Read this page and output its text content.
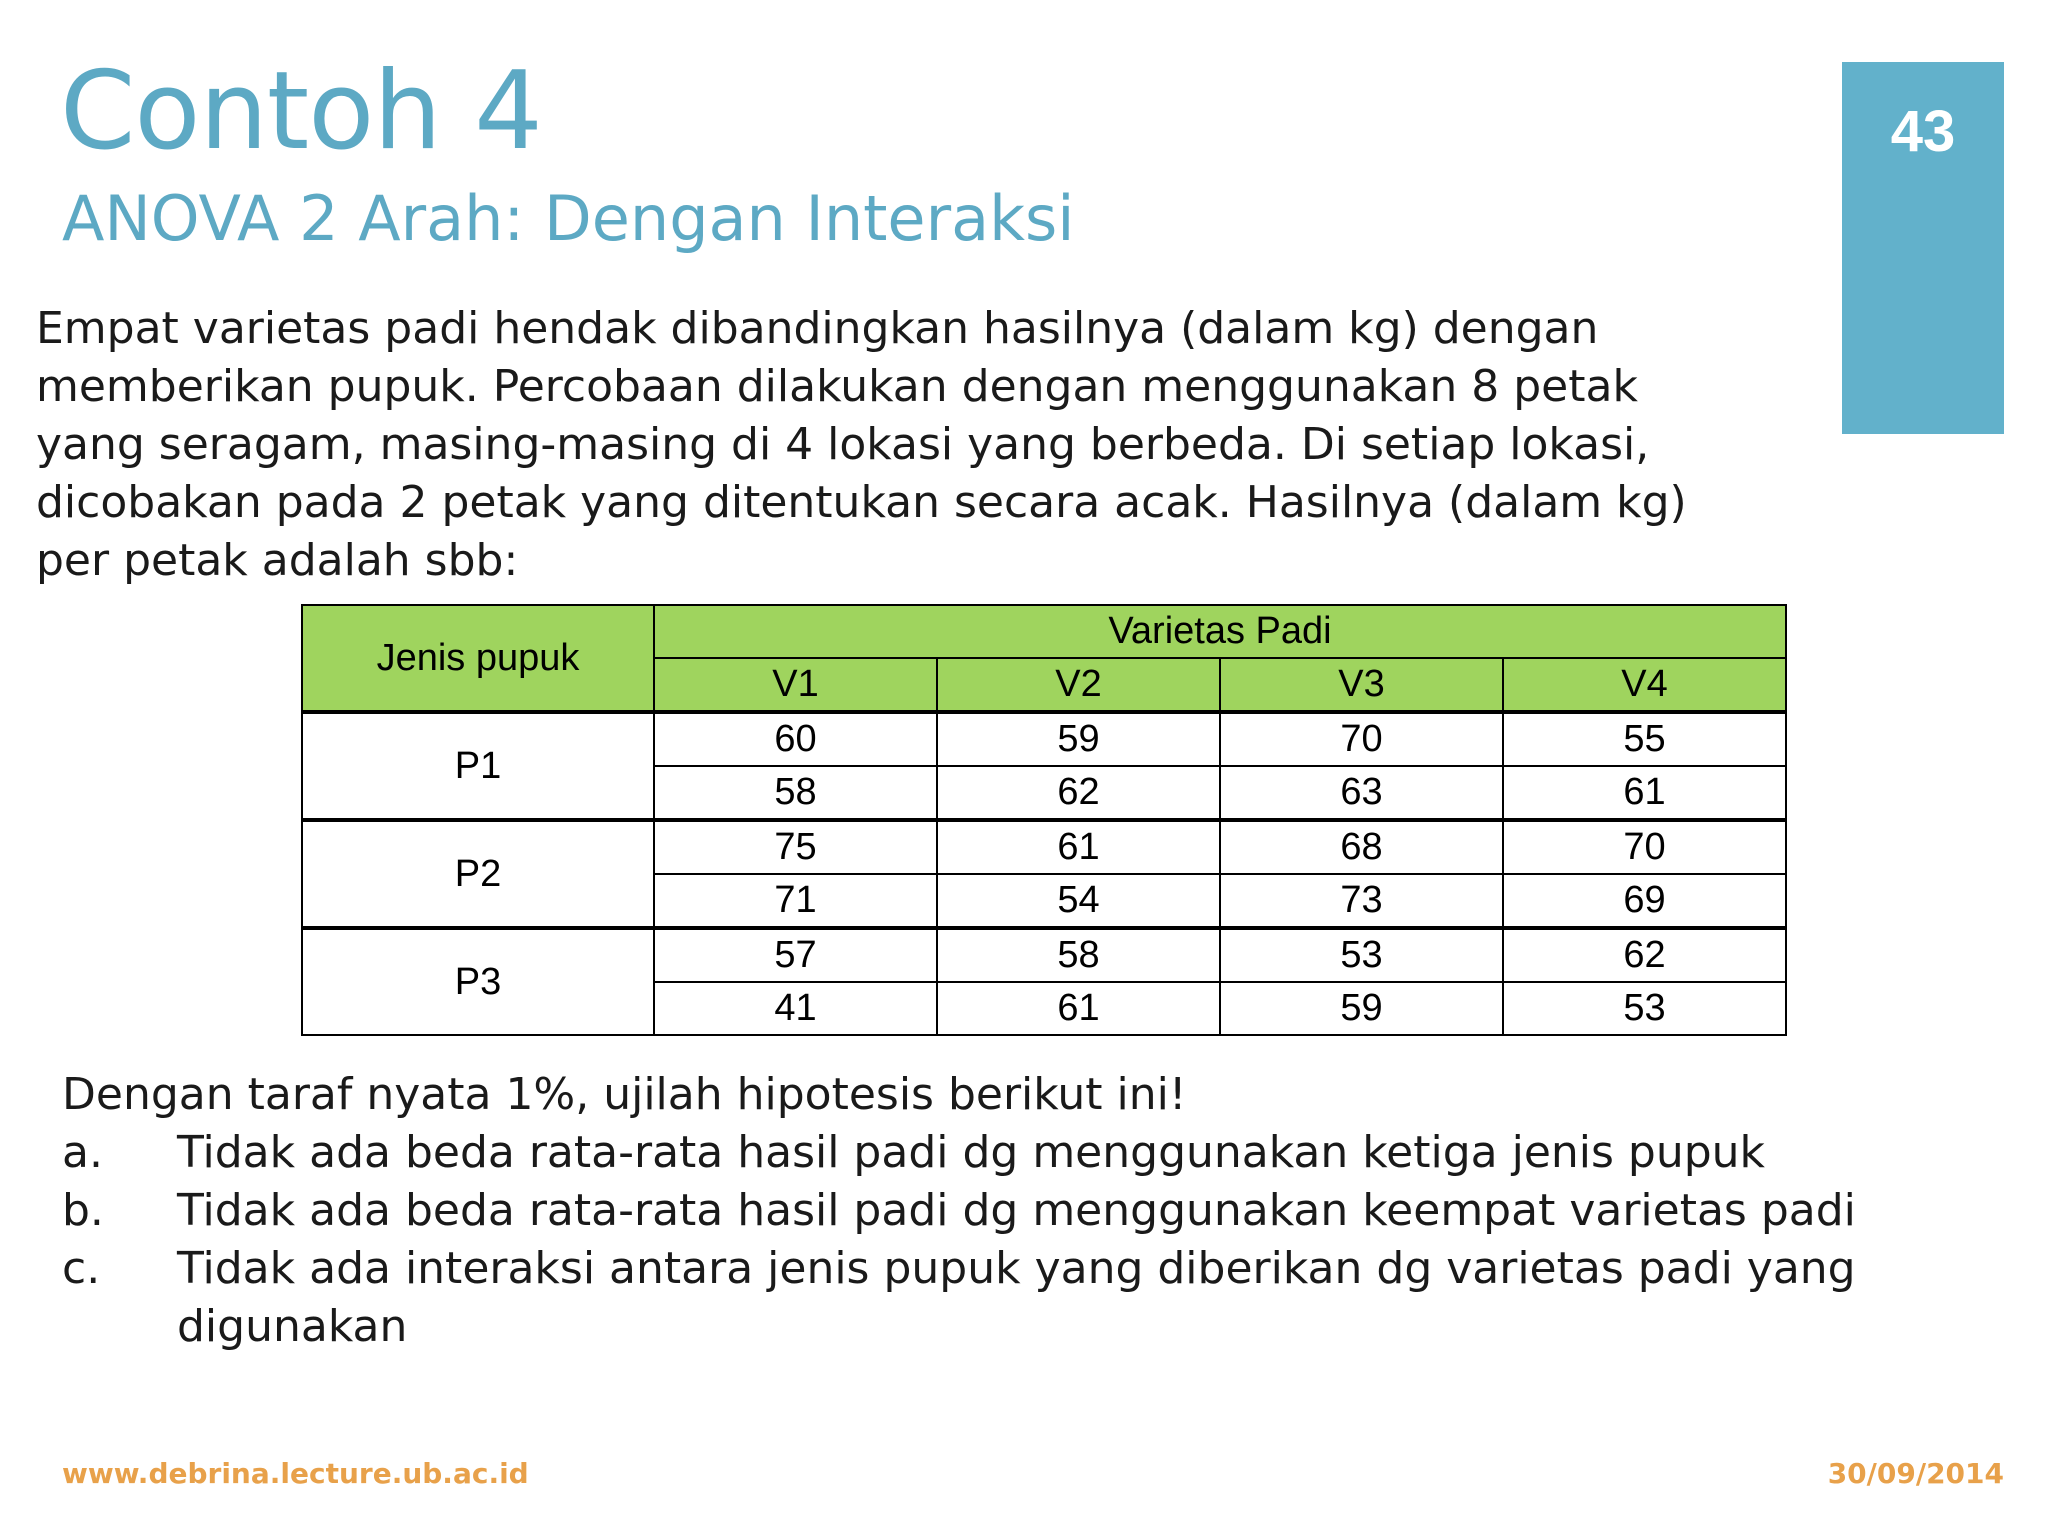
Contoh 4
ANOVA 2 Arah: Dengan Interaksi
43
Empat varietas padi hendak dibandingkan hasilnya (dalam kg) dengan
memberikan pupuk. Percobaan dilakukan dengan menggunakan 8 petak
yang seragam, masing-masing di 4 lokasi yang berbeda. Di setiap lokasi,
dicobakan pada 2 petak yang ditentukan secara acak. Hasilnya (dalam kg)
per petak adalah sbb:
Jenis pupuk	Varietas Padi			
	V1	V2	V3	V4
P1	60	59	70	55
	58	62	63	61
P2	75	61	68	70
	71	54	73	69
P3	57	58	53	62
	41	61	59	53
Dengan taraf nyata 1%, ujilah hipotesis berikut ini!
a.	Tidak ada beda rata-rata hasil padi dg menggunakan ketiga jenis pupuk
b.	Tidak ada beda rata-rata hasil padi dg menggunakan keempat varietas padi
c.	Tidak ada interaksi antara jenis pupuk yang diberikan dg varietas padi yang digunakan
www.debrina.lecture.ub.ac.id	30/09/2014
